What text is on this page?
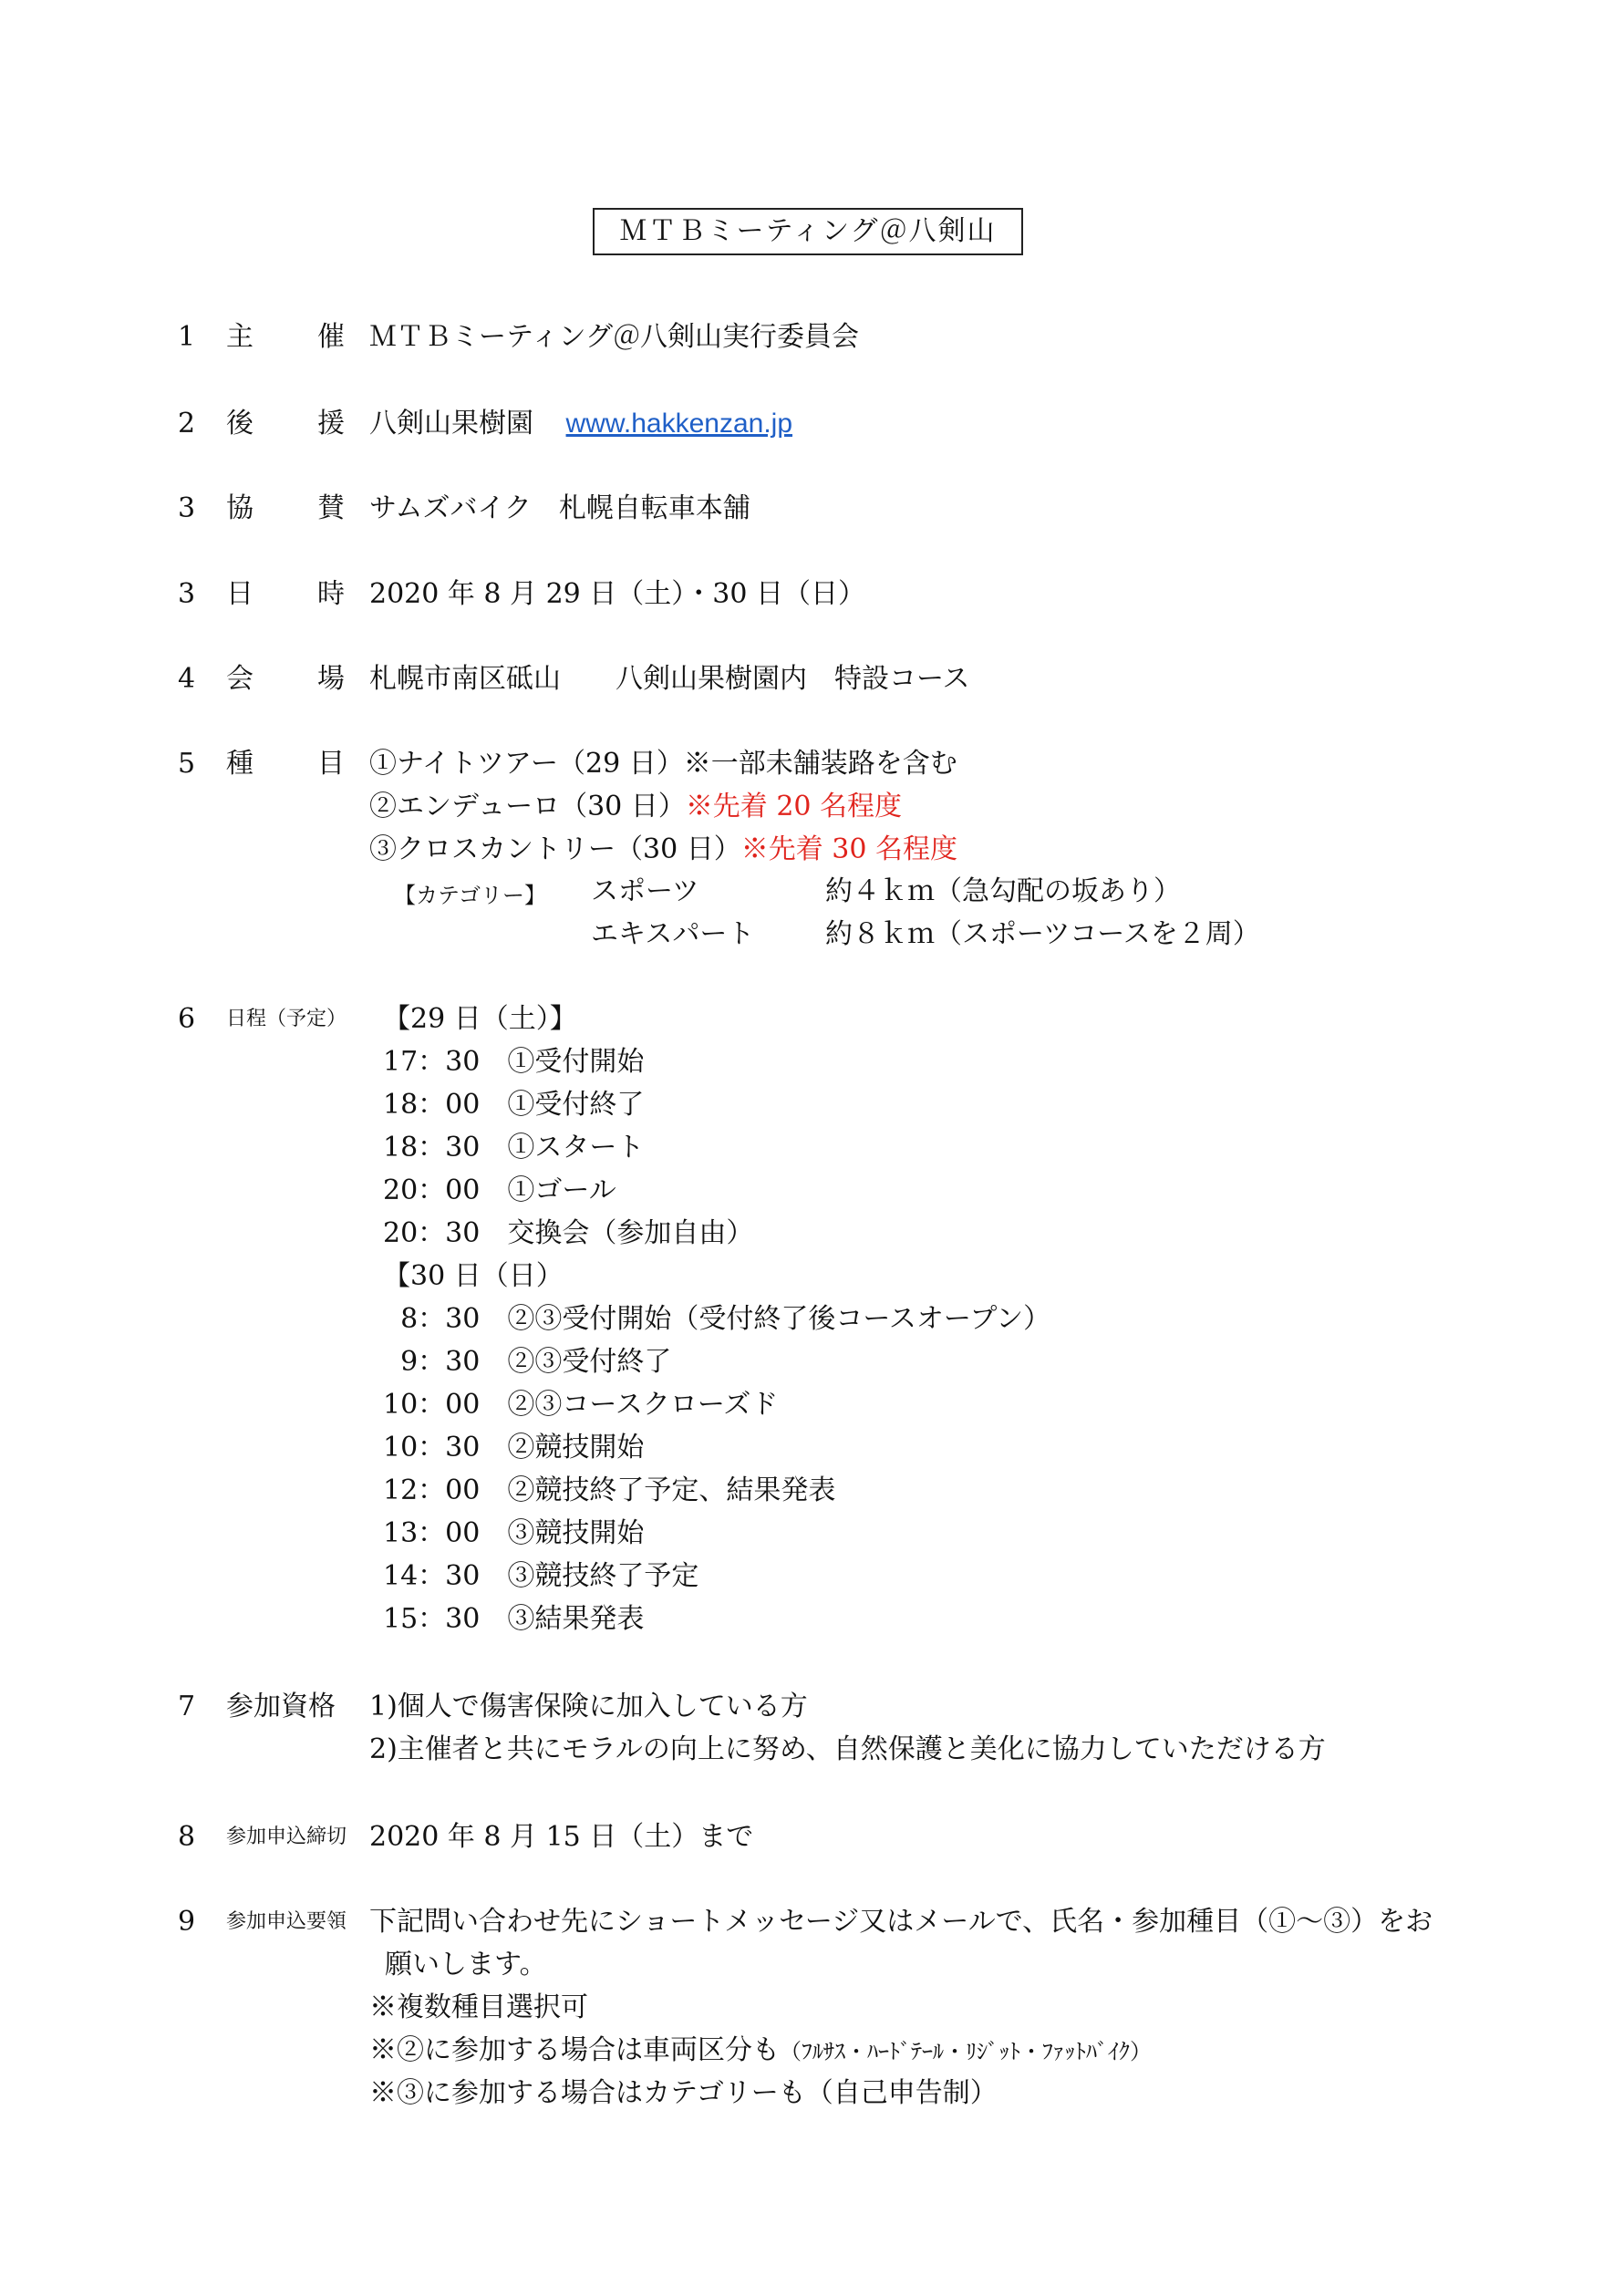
ＭＴＢミーティング＠八剣山
1 主 催 ＭＴＢミーティング＠八剣山実行委員会
2 後 援 八剣山果樹園 www.hakkenzan.jp
3 協 賛 サムズバイク　札幌自転車本舗
3 日 時 2020 年 8 月 29 日（土）・30 日（日）
4 会 場 札幌市南区砥山　　八剣山果樹園内　特設コース
5 種 目 ①ナイトツアー（29 日）※一部未舗装路を含む
②エンデューロ（30 日）※先着 20 名程度
③クロスカントリー（30 日）※先着 30 名程度
【カテゴリー】 スポーツ	約４ｋｍ（急勾配の坂あり）
エキスパート	約８ｋｍ（スポーツコースを２周）
6 日程（予定） 【29 日（土）】
17：30　①受付開始
18：00　①受付終了
18：30　①スタート
20：00　①ゴール
20：30　交換会（参加自由）
【30 日（日）
8：30　②③受付開始（受付終了後コースオープン）
9：30　②③受付終了
10：00　②③コースクローズド
10：30　②競技開始
12：00　②競技終了予定、結果発表
13：00　③競技開始
14：30　③競技終了予定
15：30　③結果発表
7 参加資格 1)個人で傷害保険に加入している方
2)主催者と共にモラルの向上に努め、自然保護と美化に協力していただける方
8 参加申込締切 2020 年 8 月 15 日（土）まで
9 参加申込要領 下記問い合わせ先にショートメッセージ又はメールで、氏名・参加種目（①～③）をお
願いします。
※複数種目選択可
※②に参加する場合は車両区分も（ﾌﾙｻｽ・ﾊｰﾄﾞﾃｰﾙ・ﾘｼﾞｯﾄ・ﾌｧｯﾄﾊﾞｲｸ）
※③に参加する場合はカテゴリーも（自己申告制）
